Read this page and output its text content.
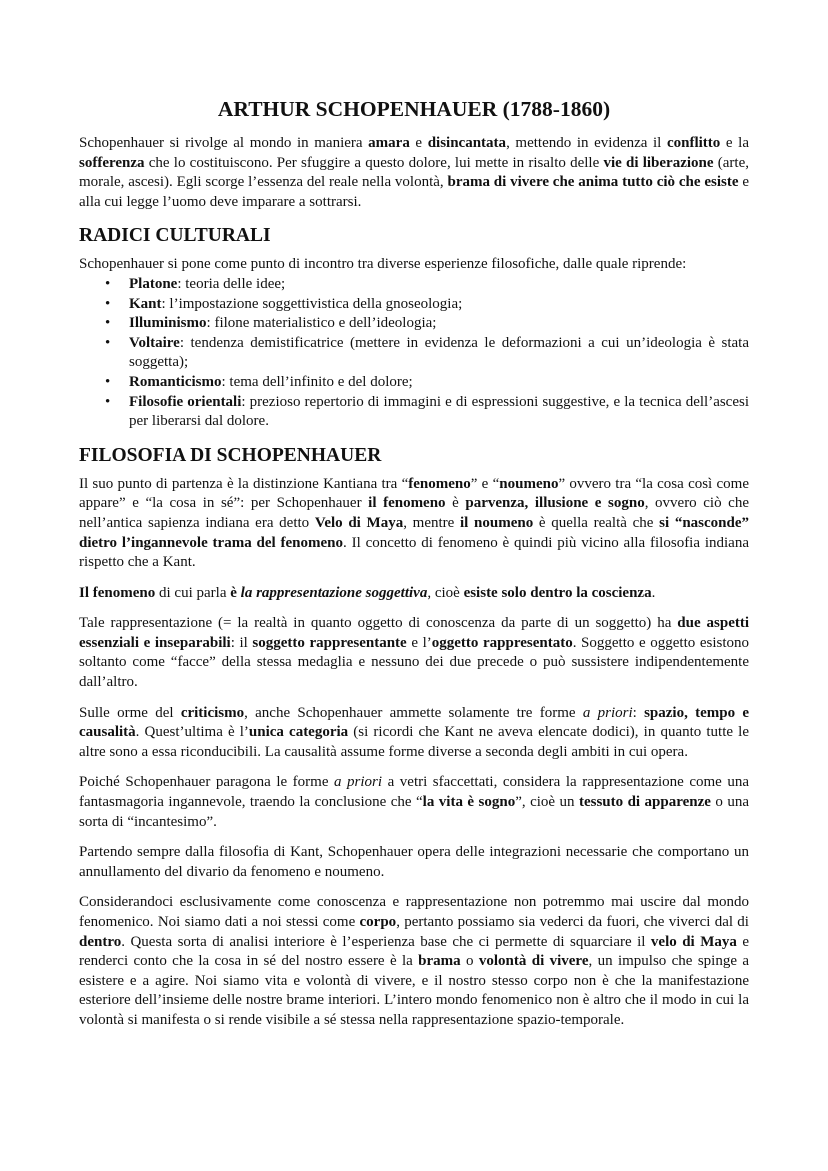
ARTHUR SCHOPENHAUER (1788-1860)

Schopenhauer si rivolge al mondo in maniera amara e disincantata, mettendo in evidenza il conflitto e la sofferenza che lo costituiscono. Per sfuggire a questo dolore, lui mette in risalto delle vie di liberazione (arte, morale, ascesi). Egli scorge l’essenza del reale nella volontà, brama di vivere che anima tutto ciò che esiste e alla cui legge l’uomo deve imparare a sottrarsi.

RADICI CULTURALI

Schopenhauer si pone come punto di incontro tra diverse esperienze filosofiche, dalle quale riprende:

• Platone: teoria delle idee;
• Kant: l’impostazione soggettivistica della gnoseologia;
• Illuminismo: filone materialistico e dell’ideologia;
• Voltaire: tendenza demistificatrice (mettere in evidenza le deformazioni a cui un’ideologia è stata soggetta);
• Romanticismo: tema dell’infinito e del dolore;
• Filosofie orientali: prezioso repertorio di immagini e di espressioni suggestive, e la tecnica dell’ascesi per liberarsi dal dolore.
FILOSOFIA DI SCHOPENHAUER

Il suo punto di partenza è la distinzione Kantiana tra “fenomeno” e “noumeno” ovvero tra “la cosa così come appare” e “la cosa in sé”: per Schopenhauer il fenomeno è parvenza, illusione e sogno, ovvero ciò che nell’antica sapienza indiana era detto Velo di Maya, mentre il noumeno è quella realtà che si “nasconde” dietro l’ingannevole trama del fenomeno. Il concetto di fenomeno è quindi più vicino alla filosofia indiana rispetto che a Kant.

Il fenomeno di cui parla è la rappresentazione soggettiva, cioè esiste solo dentro la coscienza.

Tale rappresentazione (= la realtà in quanto oggetto di conoscenza da parte di un soggetto) ha due aspetti essenziali e inseparabili: il soggetto rappresentante e l’oggetto rappresentato. Soggetto e oggetto esistono soltanto come “facce” della stessa medaglia e nessuno dei due precede o può sussistere indipendentemente dall’altro.

Sulle orme del criticismo, anche Schopenhauer ammette solamente tre forme a priori: spazio, tempo e causalità. Quest’ultima è l’unica categoria (si ricordi che Kant ne aveva elencate dodici), in quanto tutte le altre sono a essa riconducibili. La causalità assume forme diverse a seconda degli ambiti in cui opera.

Poiché Schopenhauer paragona le forme a priori a vetri sfaccettati, considera la rappresentazione come una fantasmagoria ingannevole, traendo la conclusione che “la vita è sogno”, cioè un tessuto di apparenze o una sorta di “incantesimo”.

Partendo sempre dalla filosofia di Kant, Schopenhauer opera delle integrazioni necessarie che comportano un annullamento del divario da fenomeno e noumeno.

Considerandoci esclusivamente come conoscenza e rappresentazione non potremmo mai uscire dal mondo fenomenico. Noi siamo dati a noi stessi come corpo, pertanto possiamo sia vederci da fuori, che viverci dal di dentro. Questa sorta di analisi interiore è l’esperienza base che ci permette di squarciare il velo di Maya e renderci conto che la cosa in sé del nostro essere è la brama o volontà di vivere, un impulso che spinge a esistere e a agire. Noi siamo vita e volontà di vivere, e il nostro stesso corpo non è che la manifestazione esteriore dell’insieme delle nostre brame interiori. L’intero mondo fenomenico non è altro che il modo in cui la volontà si manifesta o si rende visibile a sé stessa nella rappresentazione spazio-temporale.
